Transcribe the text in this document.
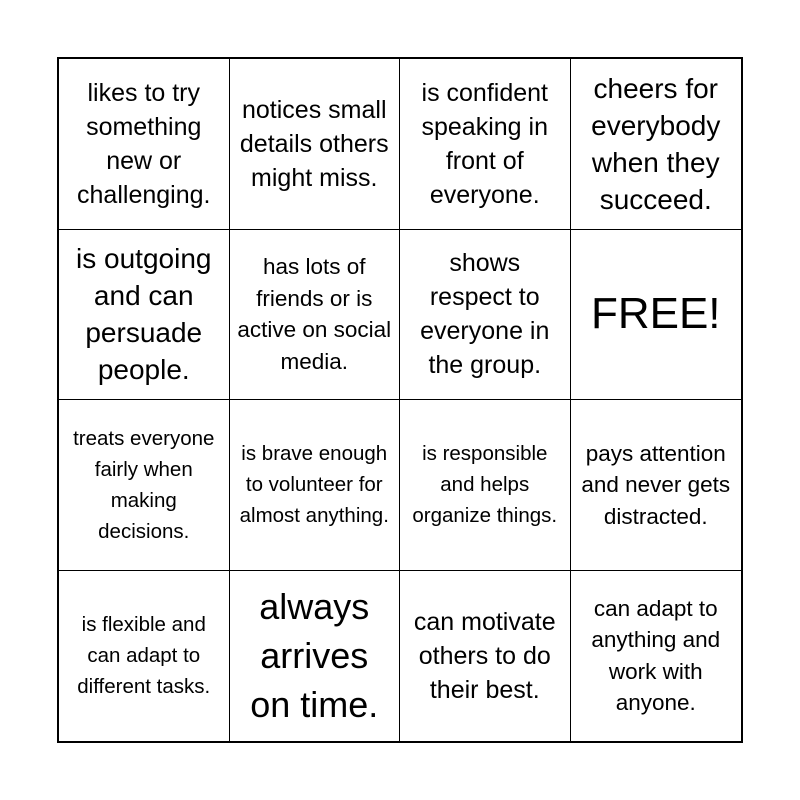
likes to try something new or challenging.
notices small details others might miss.
is confident speaking in front of everyone.
cheers for everybody when they succeed.
is outgoing and can persuade people.
has lots of friends or is active on social media.
shows respect to everyone in the group.
FREE!
treats everyone fairly when making decisions.
is brave enough to volunteer for almost anything.
is responsible and helps organize things.
pays attention and never gets distracted.
is flexible and can adapt to different tasks.
always arrives on time.
can motivate others to do their best.
can adapt to anything and work with anyone.
